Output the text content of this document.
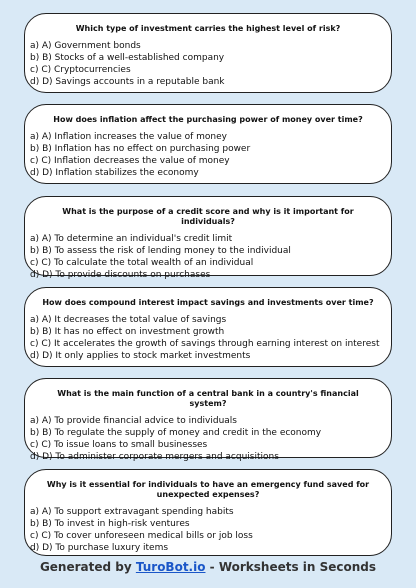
Which type of investment carries the highest level of risk?
a) A) Government bonds
b) B) Stocks of a well-established company
c) C) Cryptocurrencies
d) D) Savings accounts in a reputable bank
How does inflation affect the purchasing power of money over time?
a) A) Inflation increases the value of money
b) B) Inflation has no effect on purchasing power
c) C) Inflation decreases the value of money
d) D) Inflation stabilizes the economy
What is the purpose of a credit score and why is it important for individuals?
a) A) To determine an individual's credit limit
b) B) To assess the risk of lending money to the individual
c) C) To calculate the total wealth of an individual
d) D) To provide discounts on purchases
How does compound interest impact savings and investments over time?
a) A) It decreases the total value of savings
b) B) It has no effect on investment growth
c) C) It accelerates the growth of savings through earning interest on interest
d) D) It only applies to stock market investments
What is the main function of a central bank in a country's financial system?
a) A) To provide financial advice to individuals
b) B) To regulate the supply of money and credit in the economy
c) C) To issue loans to small businesses
d) D) To administer corporate mergers and acquisitions
Why is it essential for individuals to have an emergency fund saved for unexpected expenses?
a) A) To support extravagant spending habits
b) B) To invest in high-risk ventures
c) C) To cover unforeseen medical bills or job loss
d) D) To purchase luxury items
Generated by TuroBot.io - Worksheets in Seconds
